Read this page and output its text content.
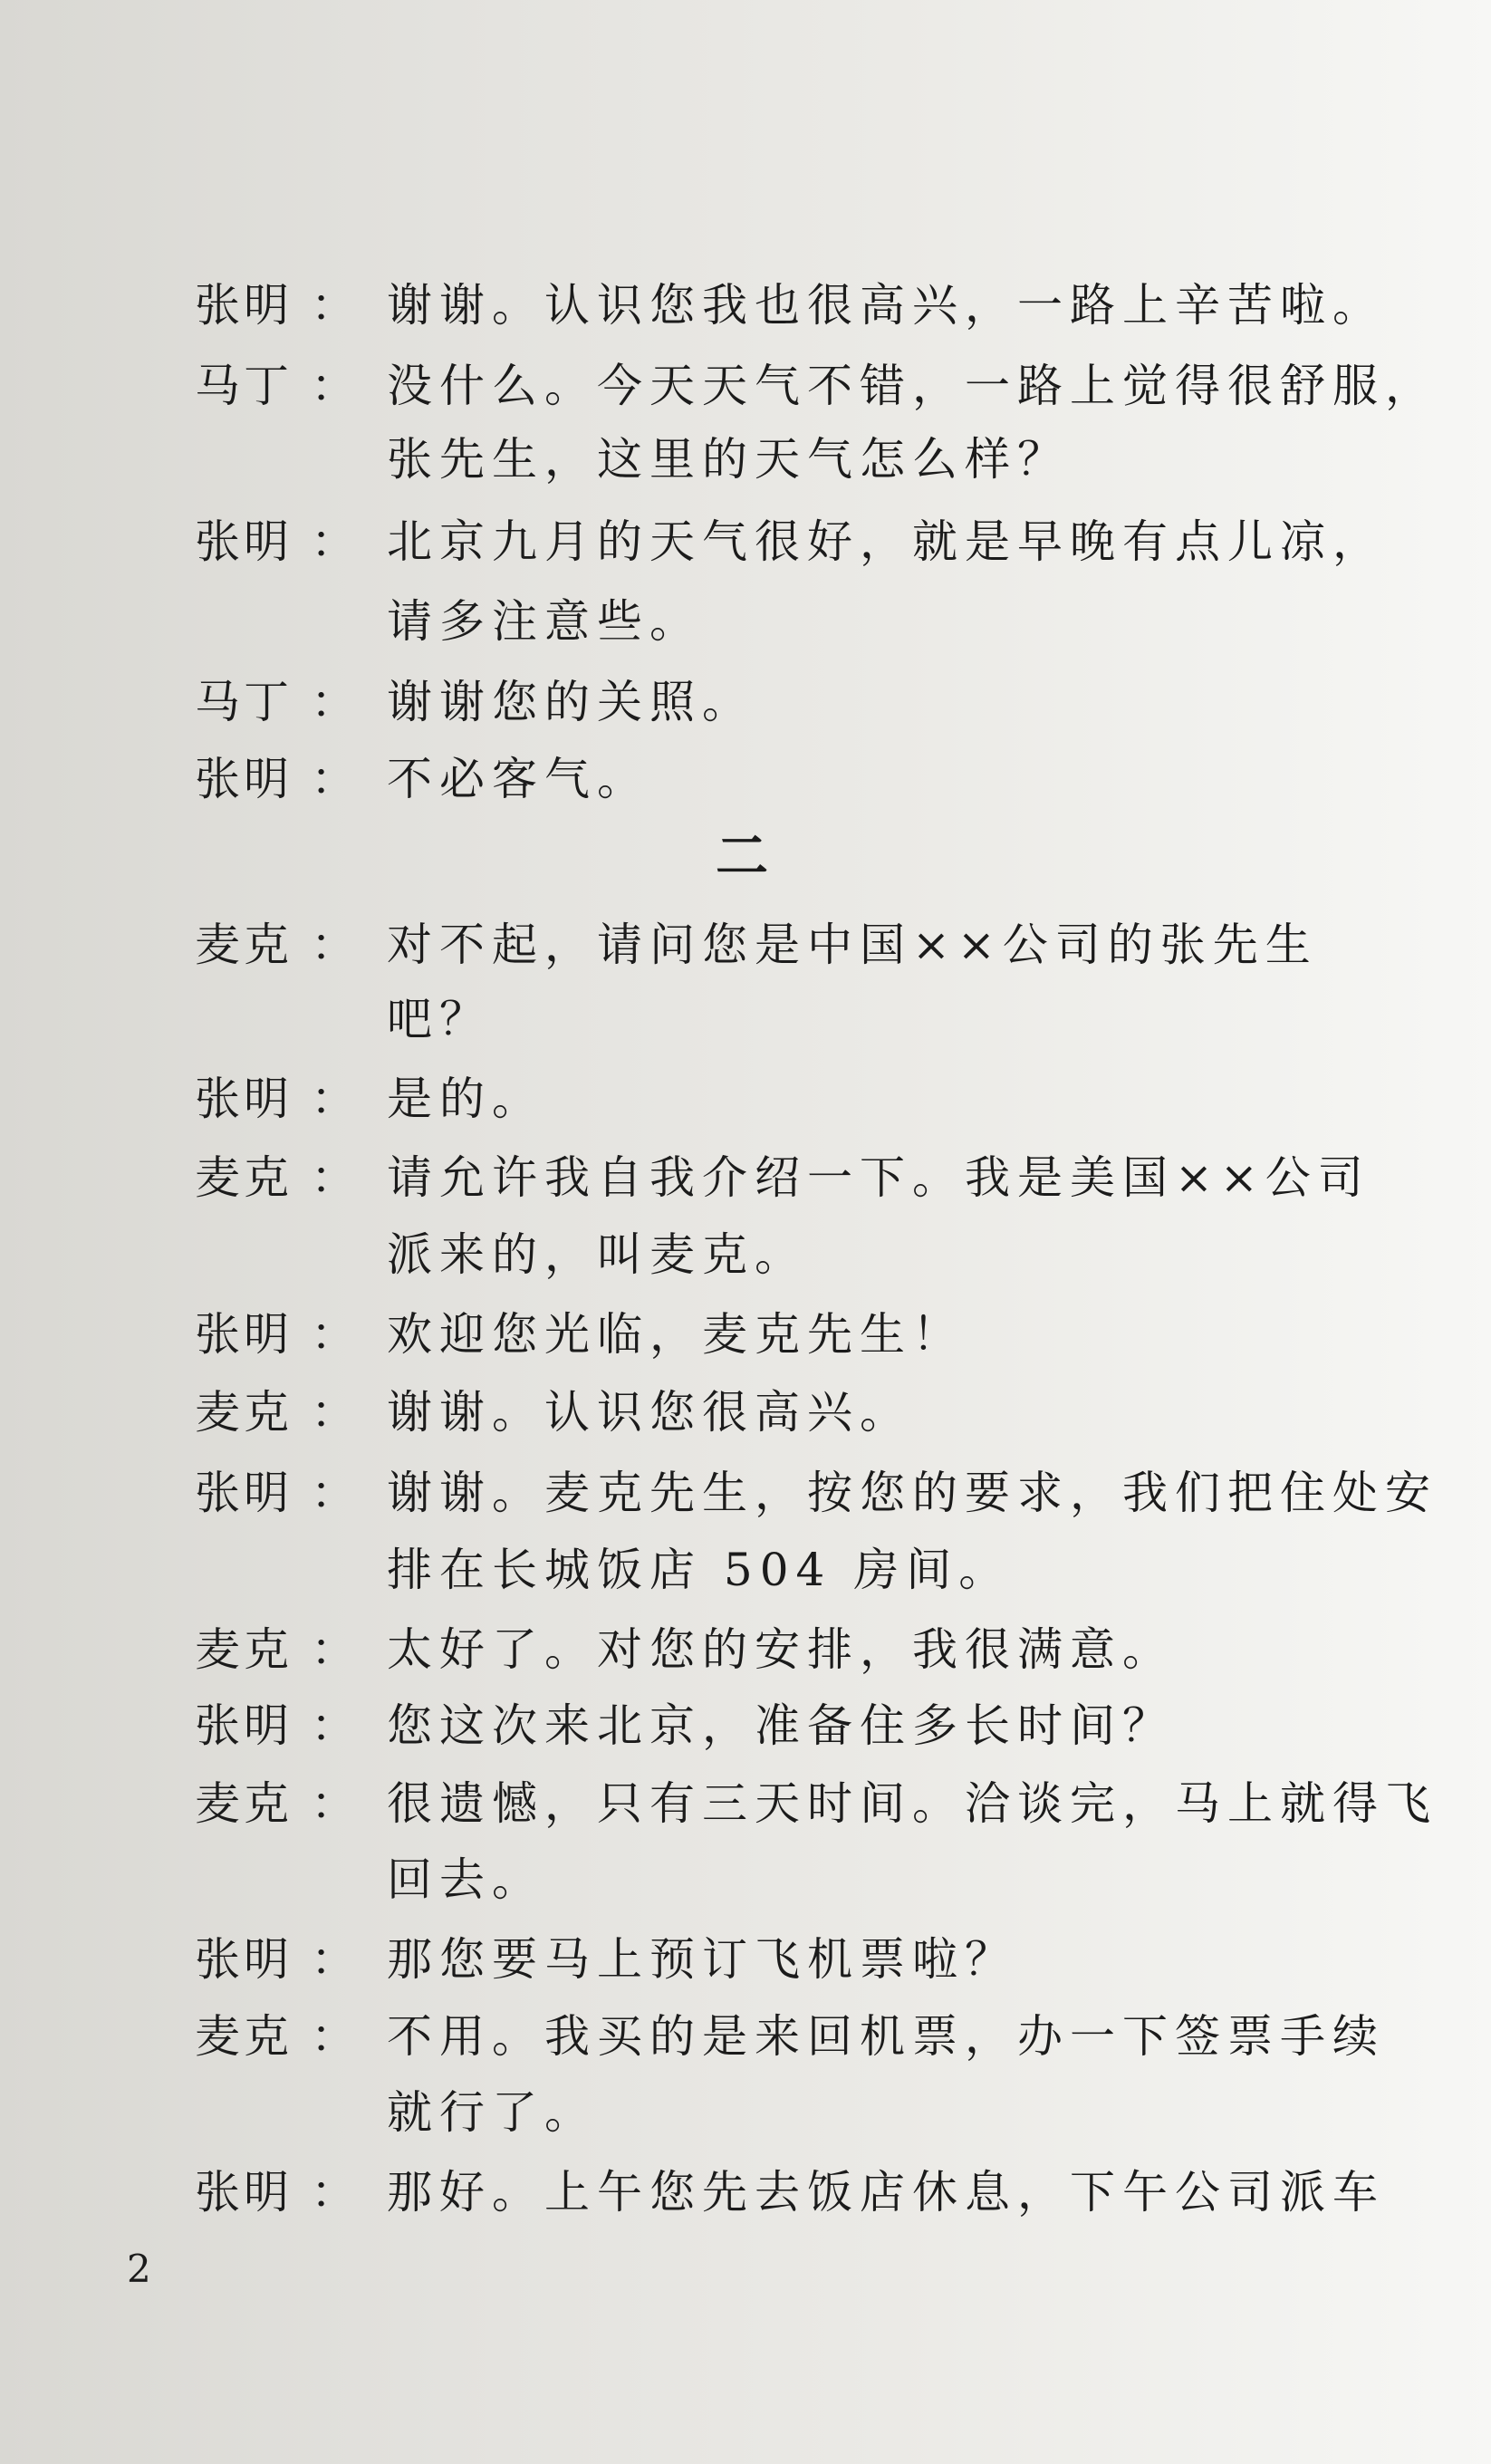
张明 ： 谢谢。认识您我也很高兴，一路上辛苦啦。
马丁 ： 没什么。今天天气不错，一路上觉得很舒服，
张先生，这里的天气怎么样？
张明 ： 北京九月的天气很好，就是早晚有点儿凉，
请多注意些。
马丁 ： 谢谢您的关照。
张明 ： 不必客气。
二
麦克 ： 对不起，请问您是中国××公司的张先生
吧？
张明 ： 是的。
麦克 ： 请允许我自我介绍一下。我是美国××公司
派来的，叫麦克。
张明 ： 欢迎您光临，麦克先生！
麦克 ： 谢谢。认识您很高兴。
张明 ： 谢谢。麦克先生，按您的要求，我们把住处安
排在长城饭店 504 房间。
麦克 ： 太好了。对您的安排，我很满意。
张明 ： 您这次来北京，准备住多长时间？
麦克 ： 很遗憾，只有三天时间。洽谈完，马上就得飞
回去。
张明 ： 那您要马上预订飞机票啦？
麦克 ： 不用。我买的是来回机票，办一下签票手续
就行了。
张明 ： 那好。上午您先去饭店休息，下午公司派车
2
